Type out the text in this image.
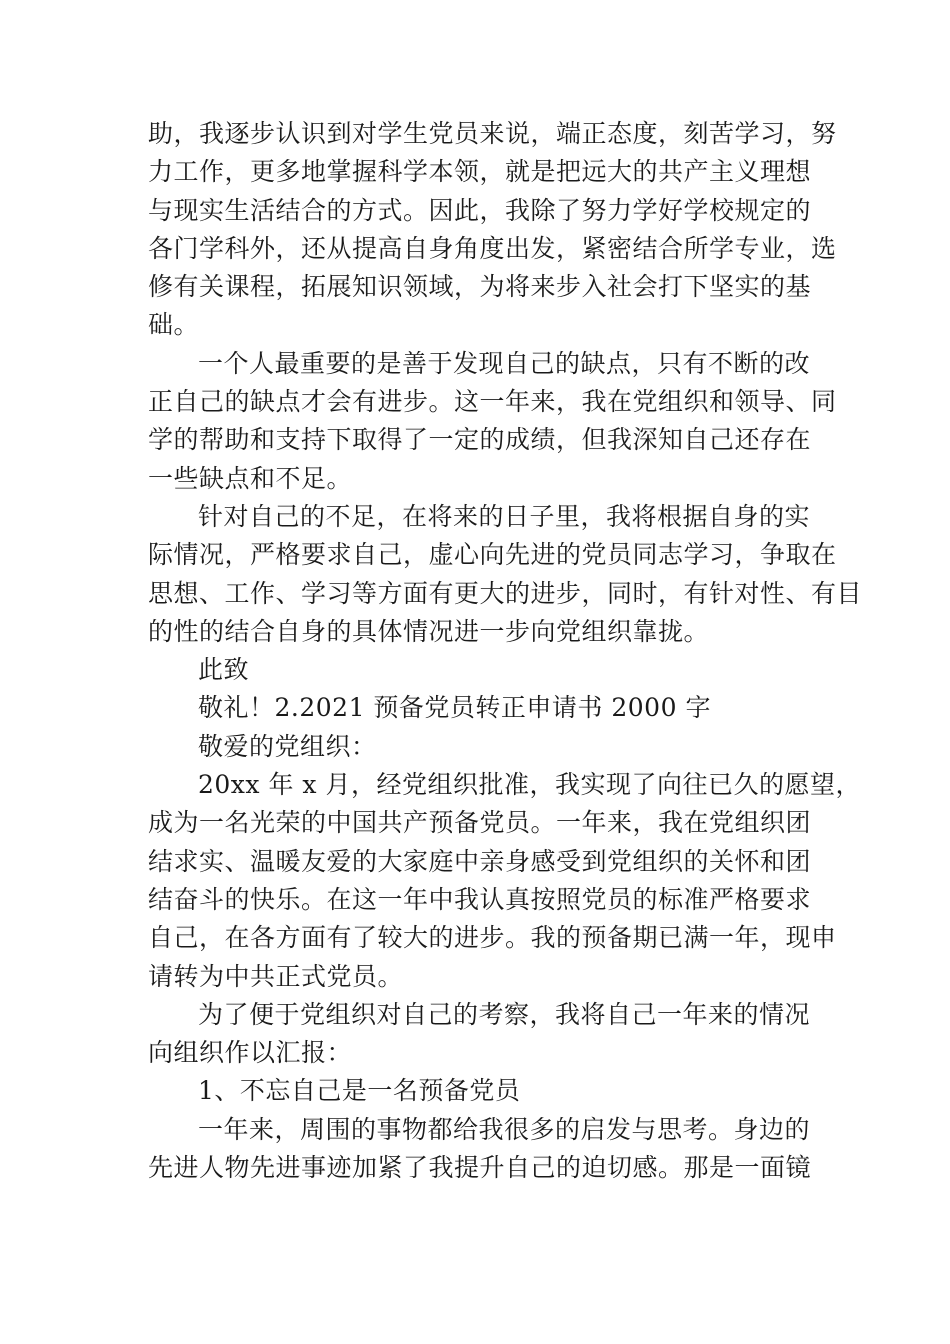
助，我逐步认识到对学生党员来说，端正态度，刻苦学习，努
力工作，更多地掌握科学本领，就是把远大的共产主义理想
与现实生活结合的方式。因此，我除了努力学好学校规定的
各门学科外，还从提高自身角度出发，紧密结合所学专业，选
修有关课程，拓展知识领域，为将来步入社会打下坚实的基
础。
一个人最重要的是善于发现自己的缺点，只有不断的改
正自己的缺点才会有进步。这一年来，我在党组织和领导、同
学的帮助和支持下取得了一定的成绩，但我深知自己还存在
一些缺点和不足。
针对自己的不足，在将来的日子里，我将根据自身的实
际情况，严格要求自己，虚心向先进的党员同志学习，争取在
思想、工作、学习等方面有更大的进步，同时，有针对性、有目
的性的结合自身的具体情况进一步向党组织靠拢。
此致
敬礼！2.2021 预备党员转正申请书 2000 字
敬爱的党组织：
20xx 年 x 月，经党组织批准，我实现了向往已久的愿望，
成为一名光荣的中国共产预备党员。一年来，我在党组织团
结求实、温暖友爱的大家庭中亲身感受到党组织的关怀和团
结奋斗的快乐。在这一年中我认真按照党员的标准严格要求
自己，在各方面有了较大的进步。我的预备期已满一年，现申
请转为中共正式党员。
为了便于党组织对自己的考察，我将自己一年来的情况
向组织作以汇报：
1、不忘自己是一名预备党员
一年来，周围的事物都给我很多的启发与思考。身边的
先进人物先进事迹加紧了我提升自己的迫切感。那是一面镜
